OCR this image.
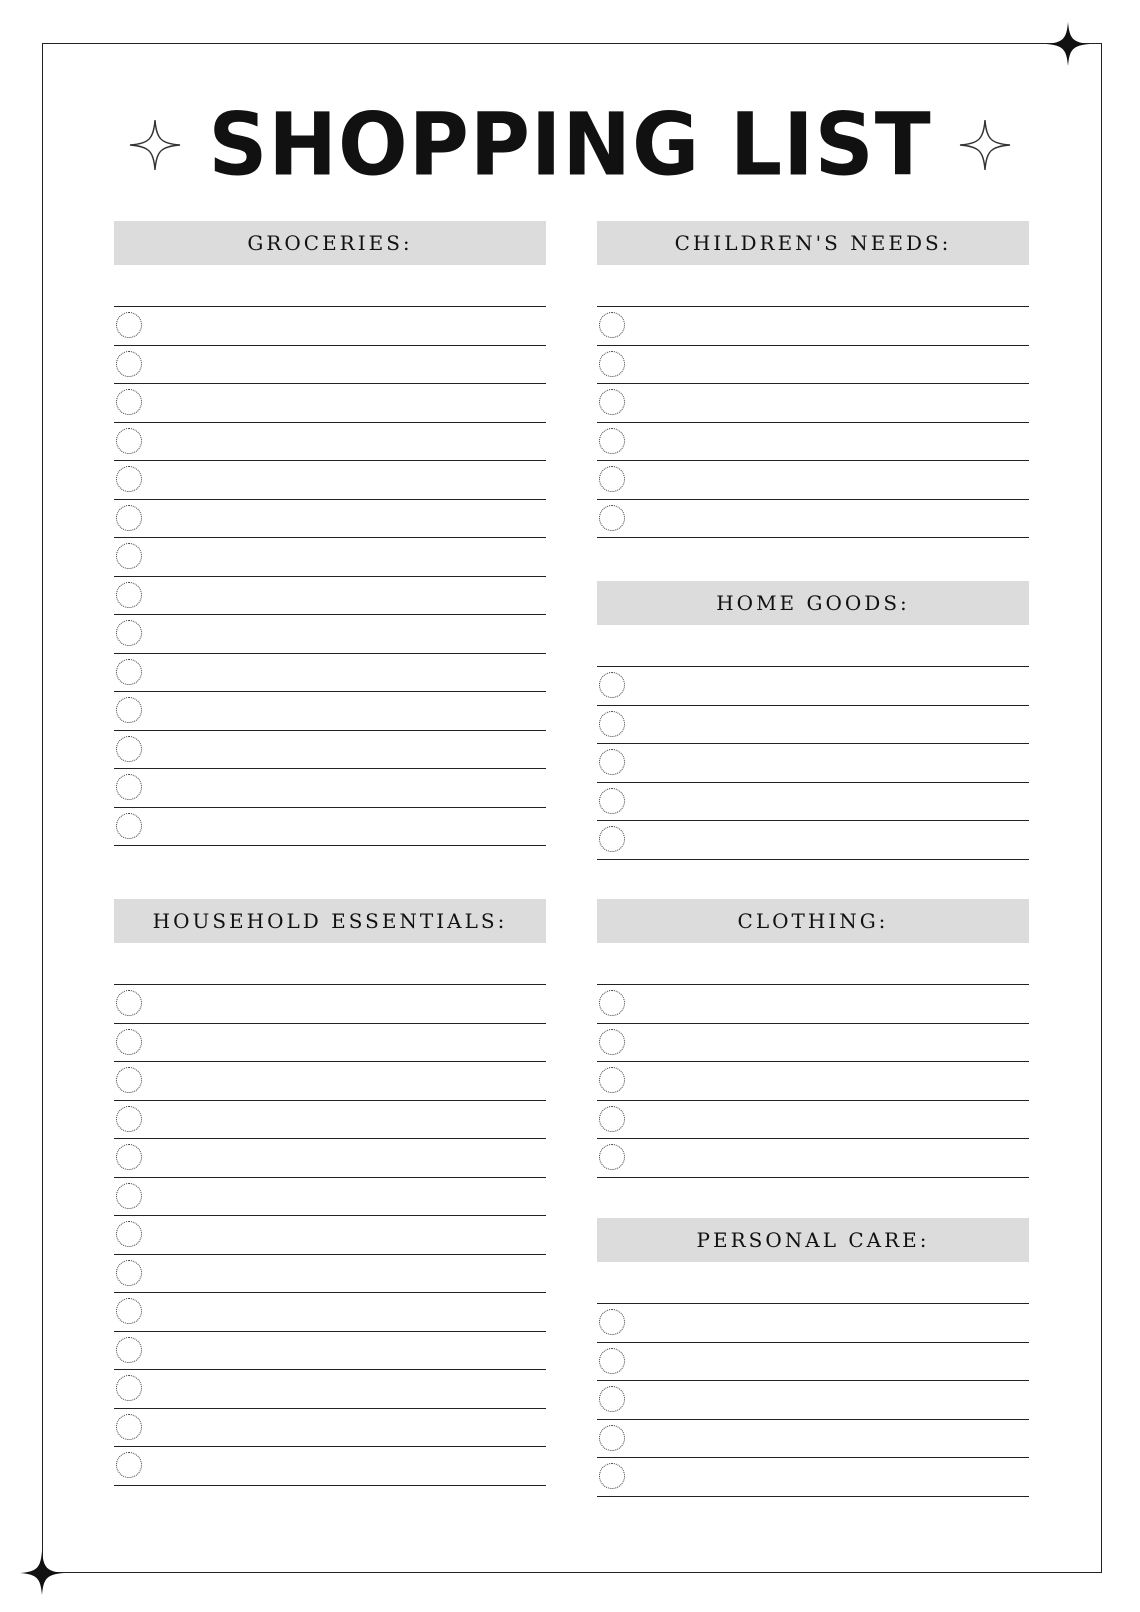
SHOPPING LIST
GROCERIES:	CHILDREN'S NEEDS:
HOME GOODS:
HOUSEHOLD ESSENTIALS:	CLOTHING:
PERSONAL CARE:
